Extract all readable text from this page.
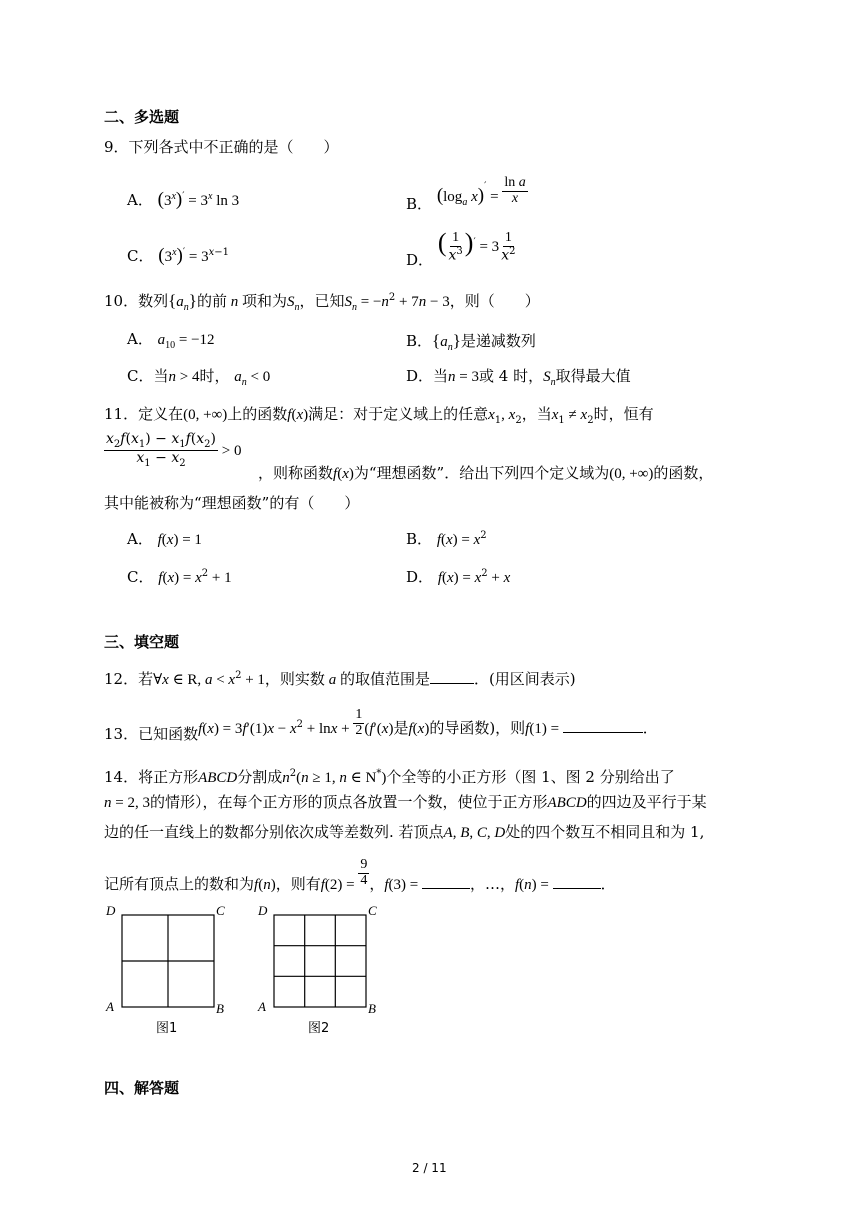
二、多选题
9．下列各式中不正确的是（　　）
A． $(3^x)' = 3^x$ ln 3	B． ($\log_a$ $x)' = \frac{\text{ln a}}{x}$
C． $(3^x)' = 3^{x-1}$	D． ( $\frac{1}{x^3} )' = 3 \frac{1}{x^2}$
10．数列$\{a_n\}$的前 n 项和为$S_n$，已知$S_n = -n^2 + 7n - 3$，则（　　）
A． $a_{10} = -12$	B．$\{a_n\}$是递减数列
C．当n > 4时， $a_n < 0$	D．当n = 3或 4 时，$S_n$取得最大值
11．定义在(0, +∞)上的函数f(x)满足：对于定义域上的任意$x_1$, $x_2$，当$x_1 \ne x_2$时，恒有
$\frac{x_2f(x_1) - x_1f(x_2)}{x_1 - x_2} > 0$
，则称函数f(x)为“理想函数”．给出下列四个定义域为(0, +∞)的函数，
其中能被称为“理想函数”的有（　　）
A． f(x) = 1	B． $f(x) = x^2$
C． $f(x) = x^2 + 1$	D． $f(x) = x^2 + x$
三、填空题
12．若∀x ∈ R, $a < x^2 + 1$，则实数 a 的取值范围是	．(用区间表示)
13．已知函数$f(x) = 3f'(1)x - x^2 + \ln x + \frac{1}{2} (f'(x)$是f(x)的导函数)，则f(1) =	．
14．将正方形ABCD分割成$n^2(n \ge 1$, n ∈ N*)个全等的小正方形（图 1、图 2 分别给出了
n = 2, 3的情形），在每个正方形的顶点各放置一个数，使位于正方形ABCD的四边及平行于某
边的任一直线上的数都分别依次成等差数列. 若顶点A, B, C, D处的四个数互不相同且和为 1,
记所有顶点上的数和为f(n)，则有$f(2) = \frac{9}{4}$ ，f(3) =	，…，f(n) =	．
D	C
A	B
图1
D	C
A	B
图2
四、解答题
2 / 11
